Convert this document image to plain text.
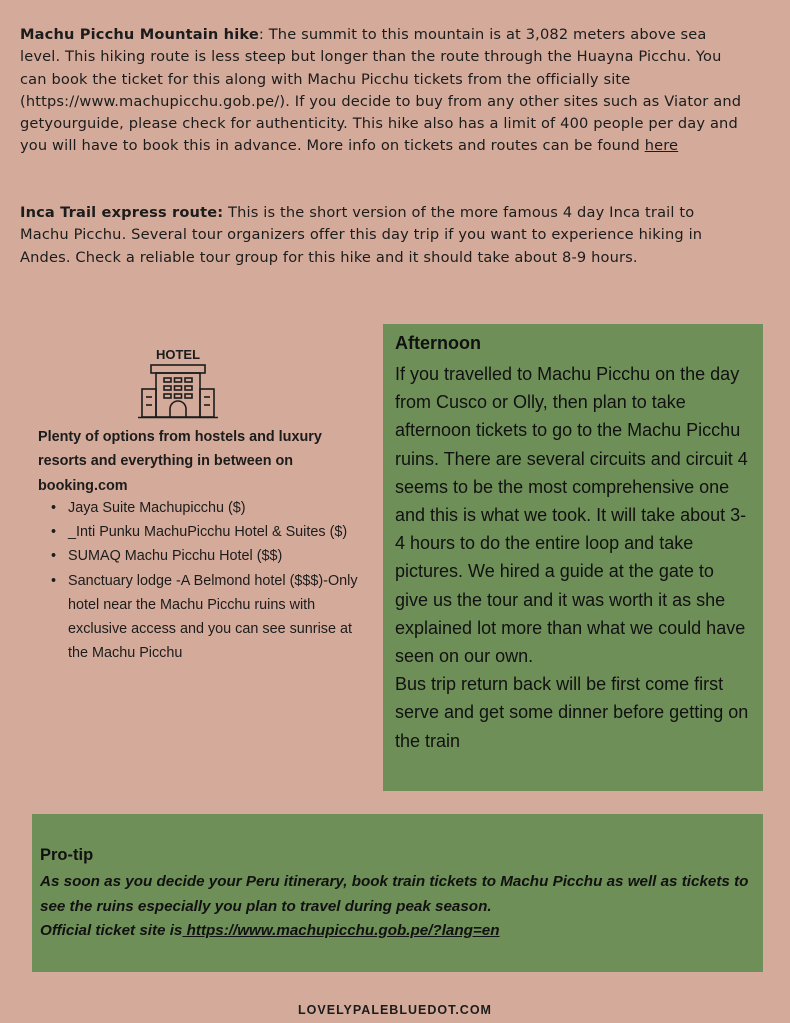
Machu Picchu Mountain hike: The summit to this mountain is at 3,082 meters above sea level. This hiking route is less steep but longer than the route through the Huayna Picchu. You can book the ticket for this along with Machu Picchu tickets from the officially site (https://www.machupicchu.gob.pe/). If you decide to buy from any other sites such as Viator and getyourguide, please check for authenticity. This hike also has a limit of 400 people per day and you will have to book this in advance. More info on tickets and routes can be found here

Inca Trail express route: This is the short version of the more famous 4 day Inca trail to Machu Picchu. Several tour organizers offer this day trip if you want to experience hiking in Andes. Check a reliable tour group for this hike and it should take about 8-9 hours.

HOTEL

Plenty of options from hostels and luxury resorts and everything in between on booking.com

• Jaya Suite Machupicchu ($)
• _Inti Punku MachuPicchu Hotel & Suites ($)
• SUMAQ Machu Picchu Hotel ($$)
• Sanctuary lodge -A Belmond hotel ($$$)-Only hotel near the Machu Picchu ruins with exclusive access and you can see sunrise at the Machu Picchu
Afternoon

If you travelled to Machu Picchu on the day from Cusco or Olly, then plan to take afternoon tickets to go to the Machu Picchu ruins. There are several circuits and circuit 4 seems to be the most comprehensive one and this is what we took. It will take about 3-4 hours to do the entire loop and take pictures. We hired a guide at the gate to give us the tour and it was worth it as she explained lot more than what we could have seen on our own.
Bus trip return back will be first come first serve and get some dinner before getting on the train

Pro-tip

As soon as you decide your Peru itinerary, book train tickets to Machu Picchu as well as tickets to see the ruins especially you plan to travel during peak season.
Official ticket site is https://www.machupicchu.gob.pe/?lang=en

LOVELYPALEBLUEDOT.COM
